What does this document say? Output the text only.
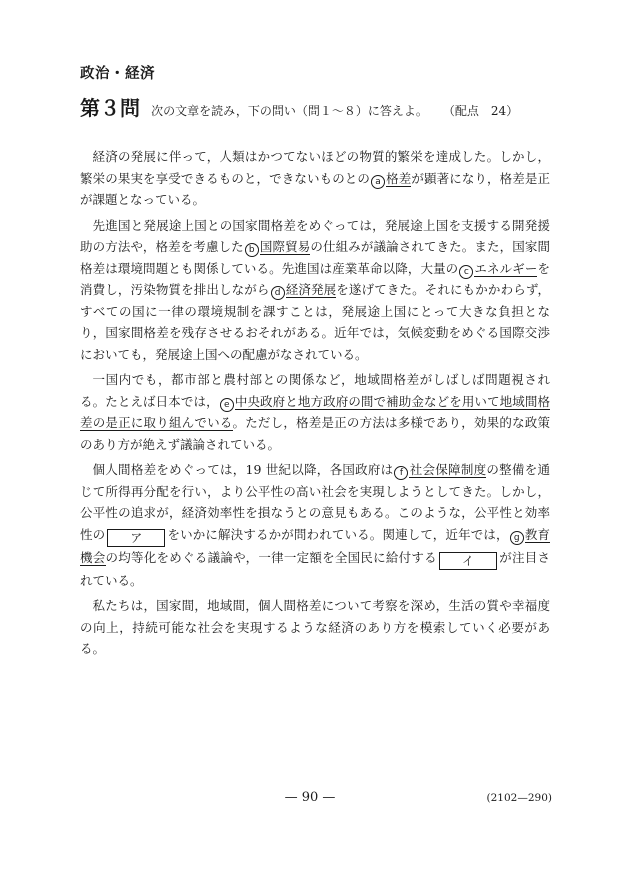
政治・経済
第３問 次の文章を読み，下の問い（問１～８）に答えよ。 （配点　24）

経済の発展に伴って，人類はかつてないほどの物質的繁栄を達成した。しかし，繁栄の果実を享受できるものと，できないものとの a 格差が顕著になり，格差是正が課題となっている。

先進国と発展途上国との国家間格差をめぐっては，発展途上国を支援する開発援助の方法や，格差を考慮した b 国際貿易の仕組みが議論されてきた。また，国家間格差は環境問題とも関係している。先進国は産業革命以降，大量の c エネルギーを消費し，汚染物質を排出しながら d 経済発展を遂げてきた。それにもかかわらず，すべての国に一律の環境規制を課すことは，発展途上国にとって大きな負担となり，国家間格差を残存させるおそれがある。近年では，気候変動をめぐる国際交渉においても，発展途上国への配慮がなされている。

一国内でも，都市部と農村部との関係など，地域間格差がしばしば問題視される。たとえば日本では， e 中央政府と地方政府の間で補助金などを用いて地域間格差の是正に取り組んでいる。ただし，格差是正の方法は多様であり，効果的な政策のあり方が絶えず議論されている。

個人間格差をめぐっては，19 世紀以降，各国政府は f 社会保障制度の整備を通じて所得再分配を行い，より公平性の高い社会を実現しようとしてきた。しかし，公平性の追求が，経済効率性を損なうとの意見もある。このような，公平性と効率性の ア をいかに解決するかが問われている。関連して，近年では， g 教育機会の均等化をめぐる議論や，一律一定額を全国民に給付する イ が注目されている。

私たちは，国家間，地域間，個人間格差について考察を深め，生活の質や幸福度の向上，持続可能な社会を実現するような経済のあり方を模索していく必要がある。

— 90 —	(2102—290)
